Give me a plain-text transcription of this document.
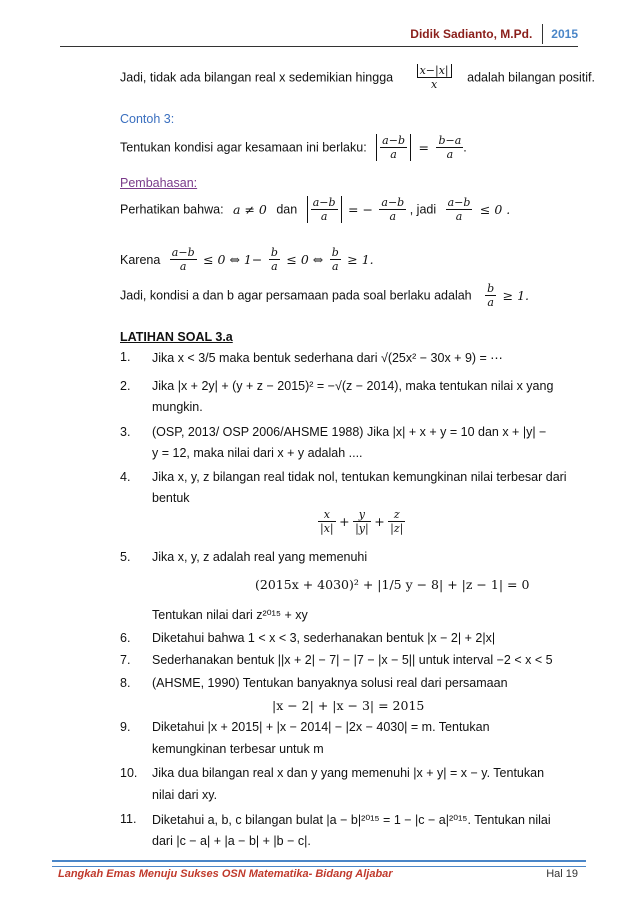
Didik Sadianto, M.Pd. 2015
Jadi, tidak ada bilangan real x sedemikian hingga $\frac{x-|x|}{x}$ adalah bilangan positif.
Contoh 3:
Tentukan kondisi agar kesamaan ini berlaku: $\frac{a-b}{a} = \frac{b-a}{a}$ .
Pembahasan:
Perhatikan bahwa: a ≠ 0 dan $\frac{a-b}{a}$ = − $\frac{a-b}{a}$ , jadi $\frac{a-b}{a} \le 0$ .
Karena $\frac{a-b}{a} \le 0$ ⇔ $1- \frac{b}{a} \le 0$ ⇔ $\frac{b}{a} \ge 1$.
Jadi, kondisi a dan b agar persamaan pada soal berlaku adalah $\frac{b}{a} \ge 1$.
LATIHAN SOAL 3.a
1. Jika x < 3/5 maka bentuk sederhana dari √(25x² − 30x + 9) = ⋯
2. Jika |x + 2y| + (y + z − 2015)² = −√(z − 2014), maka tentukan nilai x yang
mungkin.
3. (OSP, 2013/ OSP 2006/AHSME 1988) Jika |x| + x + y = 10 dan x + |y| −
y = 12, maka nilai dari x + y adalah ....
4. Jika x, y, z bilangan real tidak nol, tentukan kemungkinan nilai terbesar dari
bentuk
$\frac{x}{|x|} + \frac{y}{|y|} + \frac{z}{|z|}$
5. Jika x, y, z adalah real yang memenuhi
(2015x + 4030)² + |1/5 y − 8| + |z − 1| = 0
Tentukan nilai dari z²⁰¹⁵ + xy
6. Diketahui bahwa 1 < x < 3, sederhanakan bentuk |x − 2| + 2|x|
7. Sederhanakan bentuk ||x + 2| − 7| − |7 − |x − 5|| untuk interval −2 < x < 5
8. (AHSME, 1990) Tentukan banyaknya solusi real dari persamaan
|x − 2| + |x − 3| = 2015
9. Diketahui |x + 2015| + |x − 2014| − |2x − 4030| = m. Tentukan
kemungkinan terbesar untuk m
10. Jika dua bilangan real x dan y yang memenuhi |x + y| = x − y. Tentukan
nilai dari xy.
11. Diketahui a, b, c bilangan bulat |a − b|²⁰¹⁵ = 1 − |c − a|²⁰¹⁵. Tentukan nilai
dari |c − a| + |a − b| + |b − c|.
Langkah Emas Menuju Sukses OSN Matematika- Bidang Aljabar	Hal 19
